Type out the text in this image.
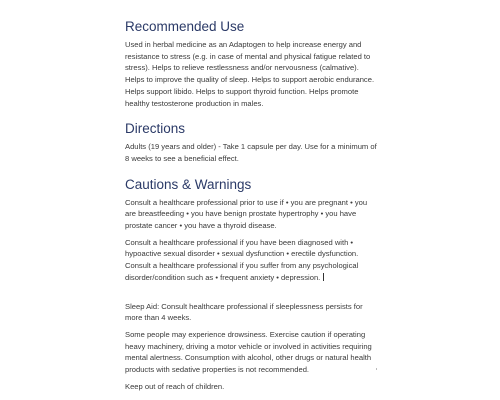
Recommended Use

Used in herbal medicine as an Adaptogen to help increase energy and resistance to stress (e.g. in case of mental and physical fatigue related to stress). Helps to relieve restlessness and/or nervousness (calmative). Helps to improve the quality of sleep. Helps to support aerobic endurance. Helps support libido. Helps to support thyroid function. Helps promote healthy testosterone production in males.

Directions

Adults (19 years and older) - Take 1 capsule per day. Use for a minimum of 8 weeks to see a beneficial effect.

Cautions & Warnings

Consult a healthcare professional prior to use if • you are pregnant • you are breastfeeding • you have benign prostate hypertrophy • you have prostate cancer • you have a thyroid disease.

Consult a healthcare professional if you have been diagnosed with • hypoactive sexual disorder • sexual dysfunction • erectile dysfunction. Consult a healthcare professional if you suffer from any psychological disorder/condition such as • frequent anxiety • depression.

Sleep Aid: Consult healthcare professional if sleeplessness persists for more than 4 weeks.

Some people may experience drowsiness. Exercise caution if operating heavy machinery, driving a motor vehicle or involved in activities requiring mental alertness. Consumption with alcohol, other drugs or natural health products with sedative properties is not recommended.

Keep out of reach of children.
